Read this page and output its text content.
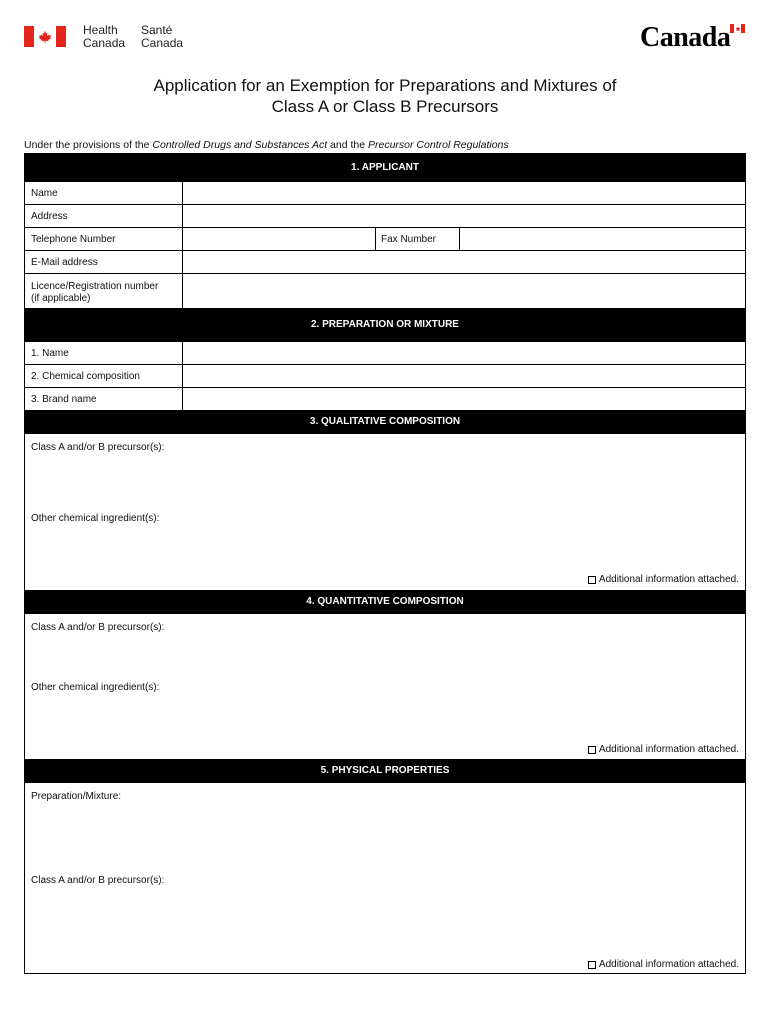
Health
Canada
Santé
Canada	Canada
Application for an Exemption for Preparations and Mixtures of
Class A or Class B Precursors
Under the provisions of the Controlled Drugs and Substances Act and the Precursor Control Regulations
1. APPLICANT
Name
Address
Telephone Number	Fax Number
E-Mail address
Licence/Registration number
(if applicable)
2. PREPARATION OR MIXTURE
1. Name
2. Chemical composition
3. Brand name
3. QUALITATIVE COMPOSITION
Class A and/or B precursor(s):
Other chemical ingredient(s):
Additional information attached.
4. QUANTITATIVE COMPOSITION
Class A and/or B precursor(s):
Other chemical ingredient(s):
Additional information attached.
5. PHYSICAL PROPERTIES
Preparation/Mixture:
Class A and/or B precursor(s):
Additional information attached.
